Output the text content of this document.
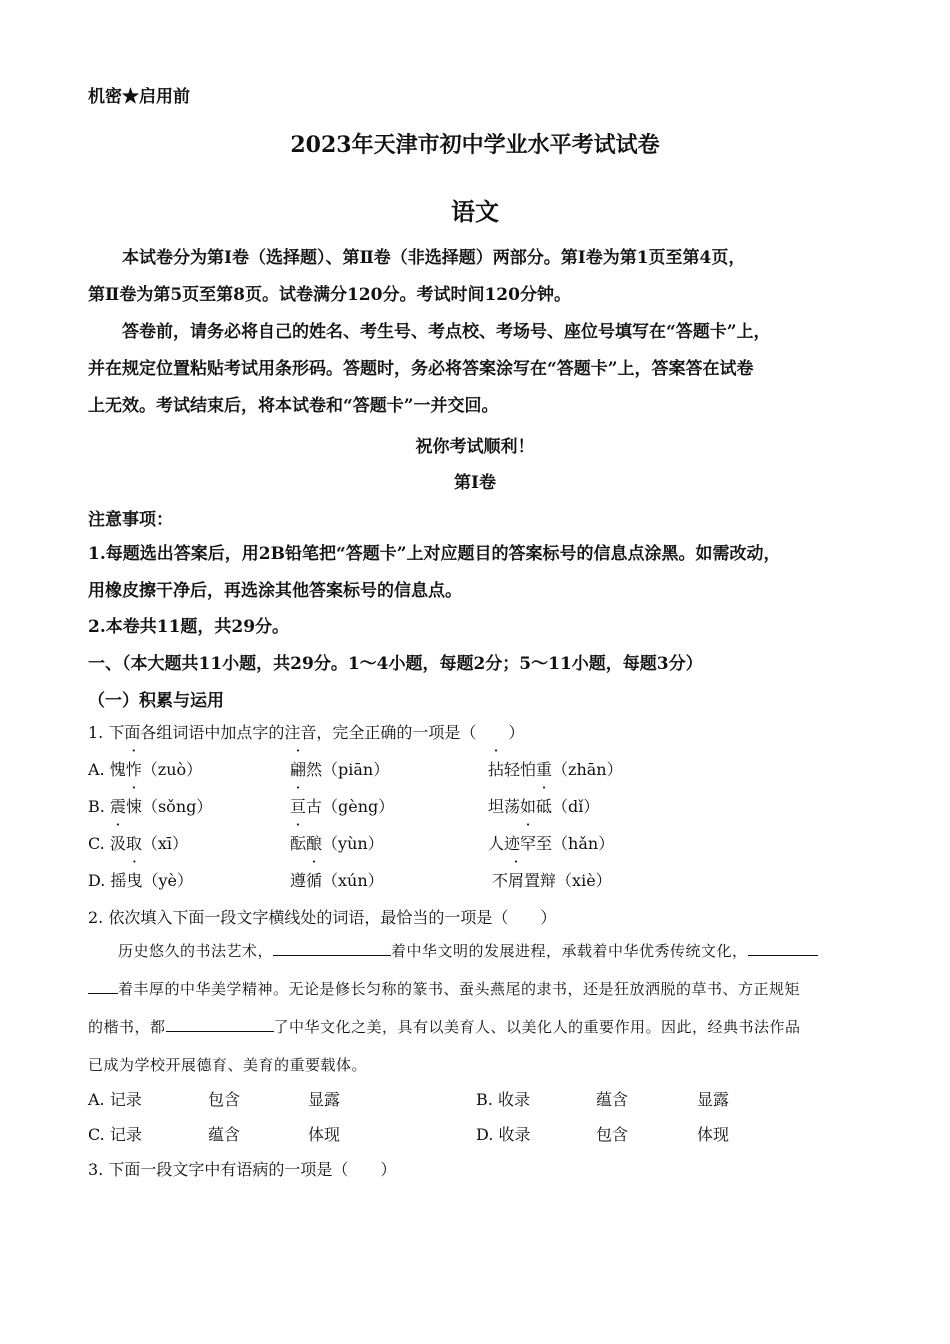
机密★启用前
2023年天津市初中学业水平考试试卷
语文
本试卷分为第Ⅰ卷（选择题）、第Ⅱ卷（非选择题）两部分。第Ⅰ卷为第1页至第4页，
第Ⅱ卷为第5页至第8页。试卷满分120分。考试时间120分钟。
答卷前，请务必将自己的姓名、考生号、考点校、考场号、座位号填写在“答题卡”上，
并在规定位置粘贴考试用条形码。答题时，务必将答案涂写在“答题卡”上，答案答在试卷
上无效。考试结束后，将本试卷和“答题卡”一并交回。
祝你考试顺利！
第Ⅰ卷
注意事项：
1.每题选出答案后，用2B铅笔把“答题卡”上对应题目的答案标号的信息点涂黑。如需改动，
用橡皮擦干净后，再选涂其他答案标号的信息点。
2.本卷共11题，共29分。
一、（本大题共11小题，共29分。1～4小题，每题2分；5～11小题，每题3分）
（一）积累与运用
1. 下面各组词语中加点字的注音，完全正确的一项是（　　）
A. 愧怍（zuò）	翩然（piān）	拈轻怕重（zhān）
B. 震悚（sǒng）	亘古（gèng）	坦荡如砥（dǐ）
C. 汲取（xī）	酝酿（yùn）	人迹罕至（hǎn）
D. 摇曳（yè）	遵循（xún）	不屑置辩（xiè）
2. 依次填入下面一段文字横线处的词语，最恰当的一项是（　　）
历史悠久的书法艺术，	着中华文明的发展进程，承载着中华优秀传统文化，
着丰厚的中华美学精神。无论是修长匀称的篆书、蚕头燕尾的隶书，还是狂放洒脱的草书、方正规矩
的楷书，都	了中华文化之美，具有以美育人、以美化人的重要作用。因此，经典书法作品
已成为学校开展德育、美育的重要载体。
A. 记录	包含	显露	B. 收录	蕴含	显露
C. 记录	蕴含	体现	D. 收录	包含	体现
3. 下面一段文字中有语病的一项是（　　）
